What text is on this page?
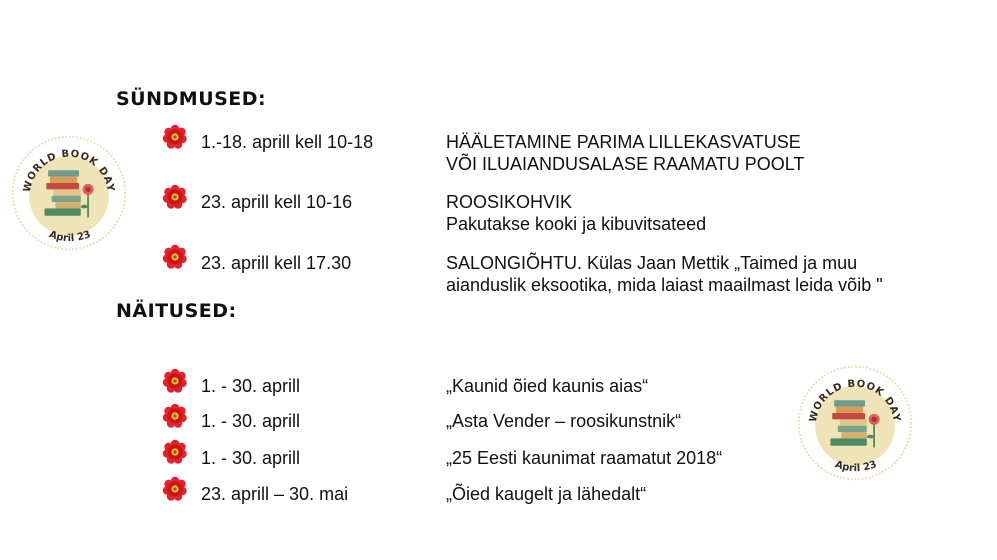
SÜNDMUSED:
1.-18. aprill kell 10-18	HÄÄLETAMINE PARIMA LILLEKASVATUSE
VÕI ILUAIANDUSALASE RAAMATU POOLT
23. aprill kell 10-16	ROOSIKOHVIK
Pakutakse kooki ja kibuvitsateed
23. aprill kell 17.30	SALONGIÕHTU. Külas Jaan Mettik „Taimed ja muu
aianduslik eksootika, mida laiast maailmast leida võib "
NÄITUSED:
1. - 30. aprill	„Kaunid õied kaunis aias“
1. - 30. aprill	„Asta Vender – roosikunstnik“
1. - 30. aprill	„25 Eesti kaunimat raamatut 2018“
23. aprill – 30. mai	„Õied kaugelt ja lähedalt“
WORLD BOOK DAY
April 23
WORLD BOOK DAY
April 23
